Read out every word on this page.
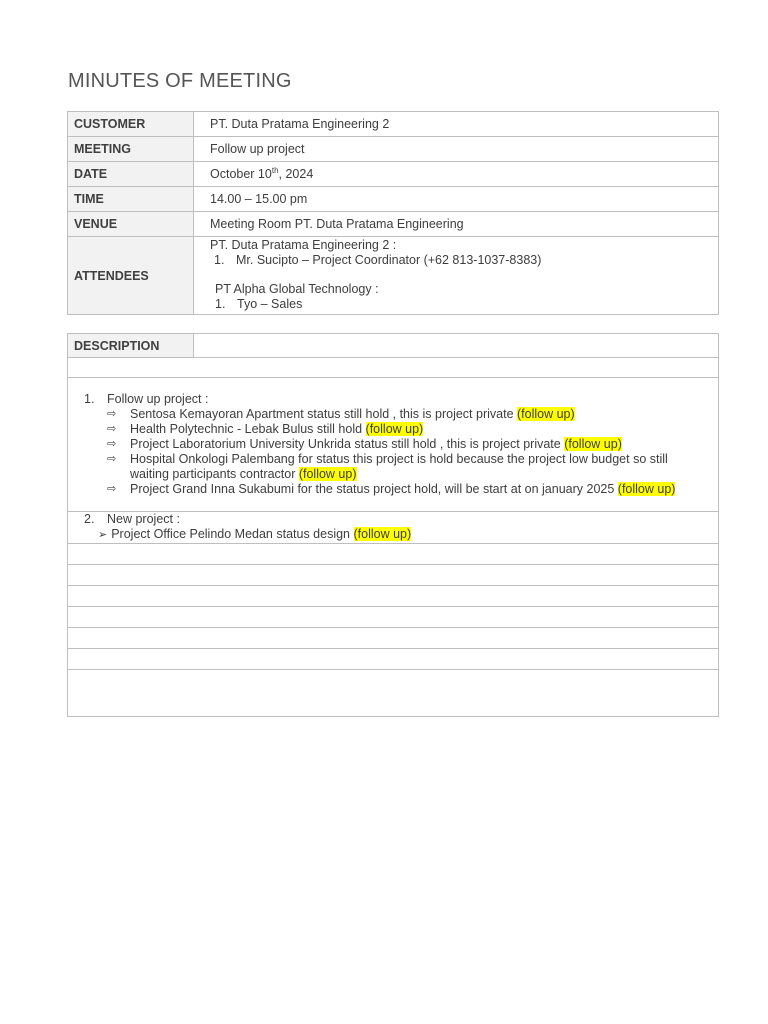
MINUTES OF MEETING
CUSTOMER	PT. Duta Pratama Engineering 2
MEETING	Follow up project
DATE	October 10th, 2024
TIME	14.00 – 15.00 pm
VENUE	Meeting Room PT. Duta Pratama Engineering
ATTENDEES	PT. Duta Pratama Engineering 2 :
1. Mr. Sucipto – Project Coordinator (+62 813-1037-8383)
PT Alpha Global Technology :
1. Tyo – Sales
DESCRIPTION	

1. Follow up project :
⇨ Sentosa Kemayoran Apartment status still hold , this is project private (follow up)
⇨ Health Polytechnic - Lebak Bulus still hold (follow up)
⇨ Project Laboratorium University Unkrida status still hold , this is project private (follow up)
⇨ Hospital Onkologi Palembang for status this project is hold because the project low budget so still waiting participants contractor (follow up)
⇨ Project Grand Inna Sukabumi for the status project hold, will be start at on january 2025 (follow up)

2. New project :
➢ Project Office Pelindo Medan status design (follow up)
